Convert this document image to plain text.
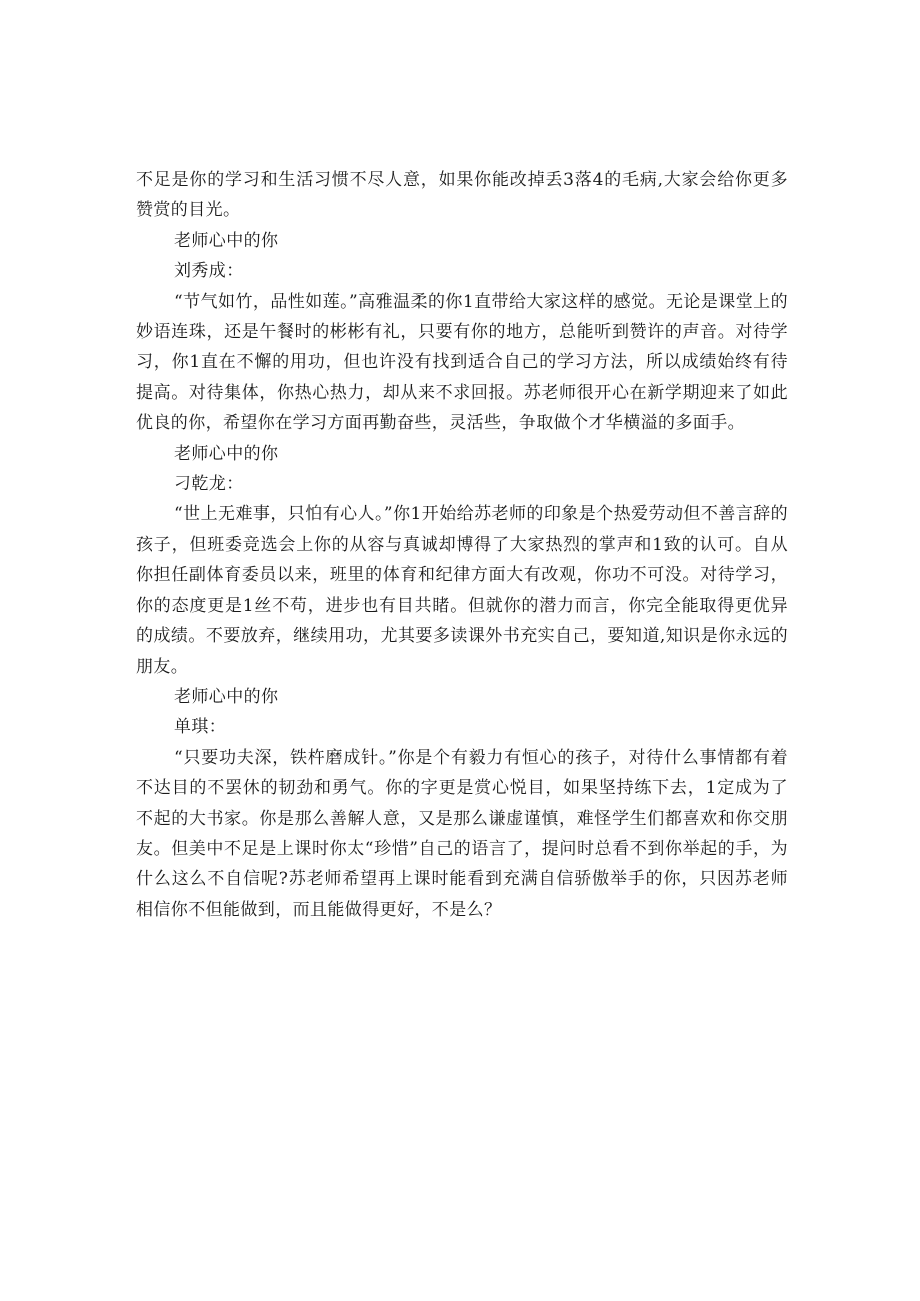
不足是你的学习和生活习惯不尽人意，如果你能改掉丢3落4的毛病,大家会给你更多赞赏的目光。

老师心中的你

刘秀成：

“节气如竹，品性如莲。”高雅温柔的你1直带给大家这样的感觉。无论是课堂上的妙语连珠，还是午餐时的彬彬有礼，只要有你的地方，总能听到赞许的声音。对待学习，你1直在不懈的用功，但也许没有找到适合自己的学习方法，所以成绩始终有待提高。对待集体，你热心热力，却从来不求回报。苏老师很开心在新学期迎来了如此优良的你，希望你在学习方面再勤奋些，灵活些，争取做个才华横溢的多面手。

老师心中的你

刁乾龙：

“世上无难事，只怕有心人。”你1开始给苏老师的印象是个热爱劳动但不善言辞的孩子，但班委竞选会上你的从容与真诚却博得了大家热烈的掌声和1致的认可。自从你担任副体育委员以来，班里的体育和纪律方面大有改观，你功不可没。对待学习，你的态度更是1丝不苟，进步也有目共睹。但就你的潜力而言，你完全能取得更优异的成绩。不要放弃，继续用功，尤其要多读课外书充实自己，要知道,知识是你永远的朋友。

老师心中的你

单琪：

“只要功夫深，铁杵磨成针。”你是个有毅力有恒心的孩子，对待什么事情都有着不达目的不罢休的韧劲和勇气。你的字更是赏心悦目，如果坚持练下去，1定成为了不起的大书家。你是那么善解人意，又是那么谦虚谨慎，难怪学生们都喜欢和你交朋友。但美中不足是上课时你太“珍惜”自己的语言了，提问时总看不到你举起的手，为什么这么不自信呢?苏老师希望再上课时能看到充满自信骄傲举手的你，只因苏老师相信你不但能做到，而且能做得更好，不是么？
